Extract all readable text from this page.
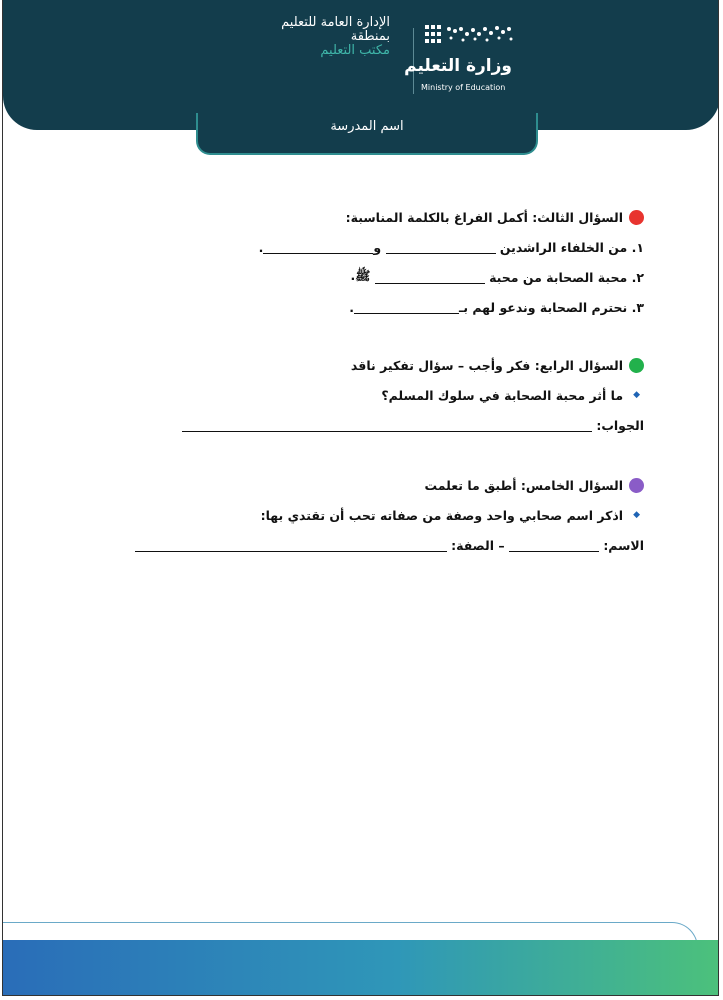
الإدارة العامة للتعليم
بمنطقة
مكتب التعليم
وزارة التعليم
Ministry of Education
اسم المدرسة
السؤال الثالث: أكمل الفراغ بالكلمة المناسبة:
١.

من الخلفاء الراشدين

و
.
٢.

محبة الصحابة من محبة

ﷺ.
٣.

نحترم الصحابة وندعو لهم بـ
.
السؤال الرابع: فكر وأجب – سؤال تفكير ناقد
◆
ما أثر محبة الصحابة في سلوك المسلم؟
الجواب:

السؤال الخامس: أطبق ما تعلمت
◆
اذكر اسم صحابي واحد وصفة من صفاته تحب أن تقتدي بها:
الاسم:

–

الصفة:
